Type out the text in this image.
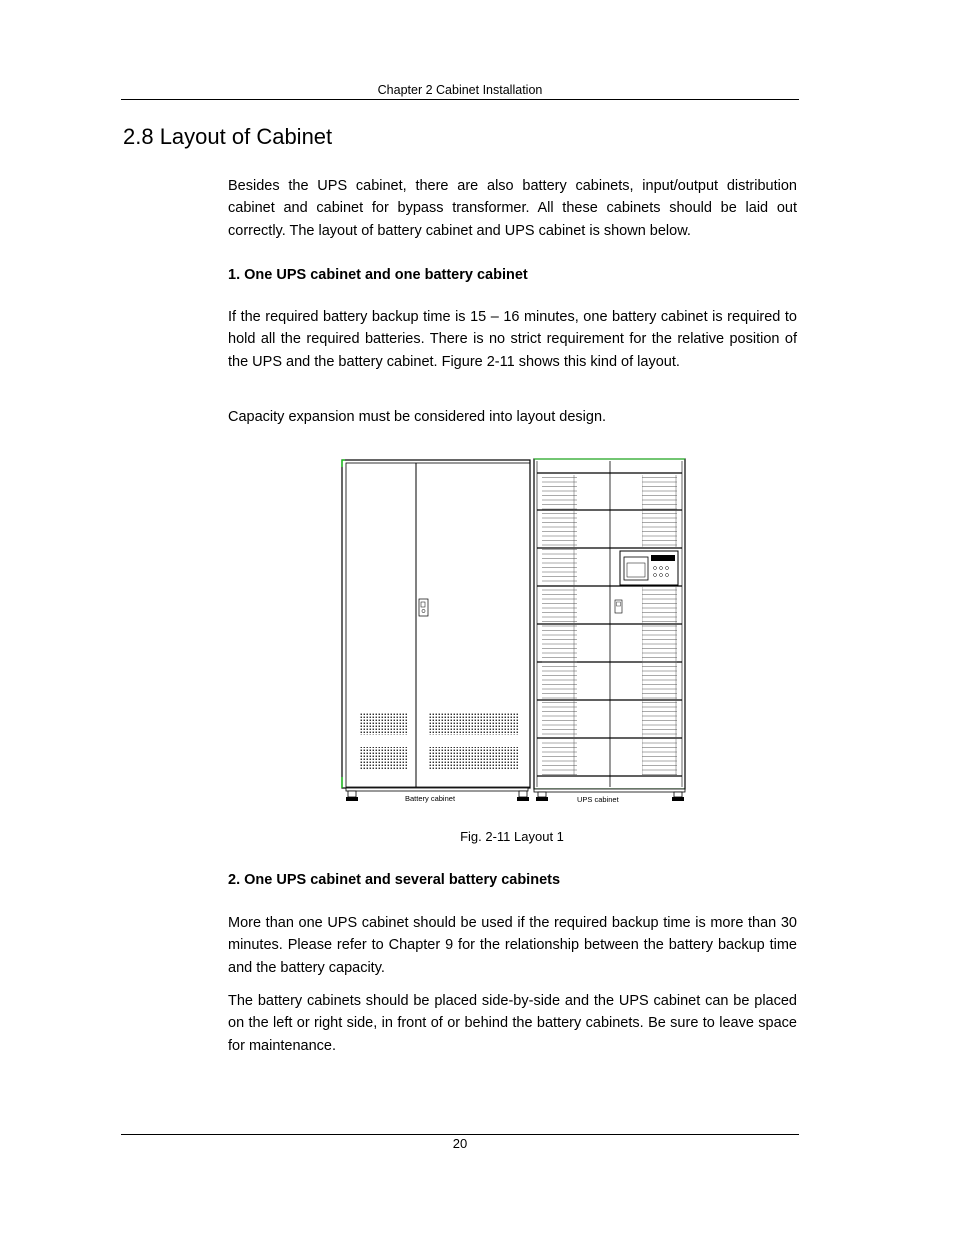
Chapter 2 Cabinet Installation
2.8 Layout of Cabinet

Besides the UPS cabinet, there are also battery cabinets, input/output distribution cabinet and cabinet for bypass transformer. All these cabinets should be laid out correctly. The layout of battery cabinet and UPS cabinet is shown below.

1. One UPS cabinet and one battery cabinet

If the required battery backup time is 15 – 16 minutes, one battery cabinet is required to hold all the required batteries. There is no strict requirement for the relative position of the UPS and the battery cabinet. Figure 2-11 shows this kind of layout.

Capacity expansion must be considered into layout design.

Battery cabinet	UPS cabinet
Fig. 2-11 Layout 1

2. One UPS cabinet and several battery cabinets

More than one UPS cabinet should be used if the required backup time is more than 30 minutes. Please refer to Chapter 9 for the relationship between the battery backup time and the battery capacity.

The battery cabinets should be placed side-by-side and the UPS cabinet can be placed on the left or right side, in front of or behind the battery cabinets. Be sure to leave space for maintenance.

20
